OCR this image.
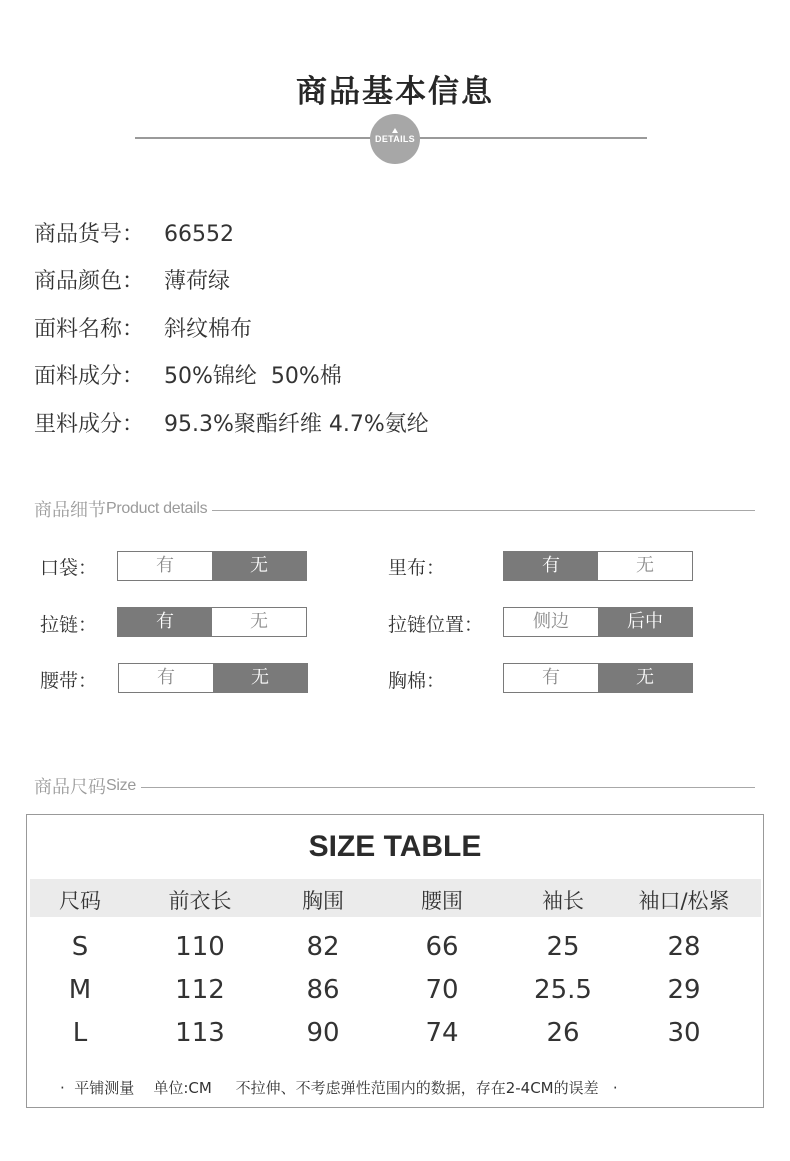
商品基本信息
DETAILS
商品货号： 66552
商品颜色： 薄荷绿
面料名称： 斜纹棉布
面料成分： 50%锦纶  50%棉
里料成分： 95.3%聚酯纤维 4.7%氨纶
商品细节 Product details
口袋：	有	无	里布：	有	无
拉链：	有	无	拉链位置：	侧边	后中
腰带：	有	无	胸棉：	有	无
商品尺码 Size
SIZE TABLE
尺码	前衣长	胸围	腰围	袖长	袖口/松紧
S	110	82	66	25	28
M	112	86	70	25.5	29
L	113	90	74	26	30
·  平铺测量    单位:CM     不拉伸、不考虑弹性范围内的数据，存在2-4CM的误差   ·
